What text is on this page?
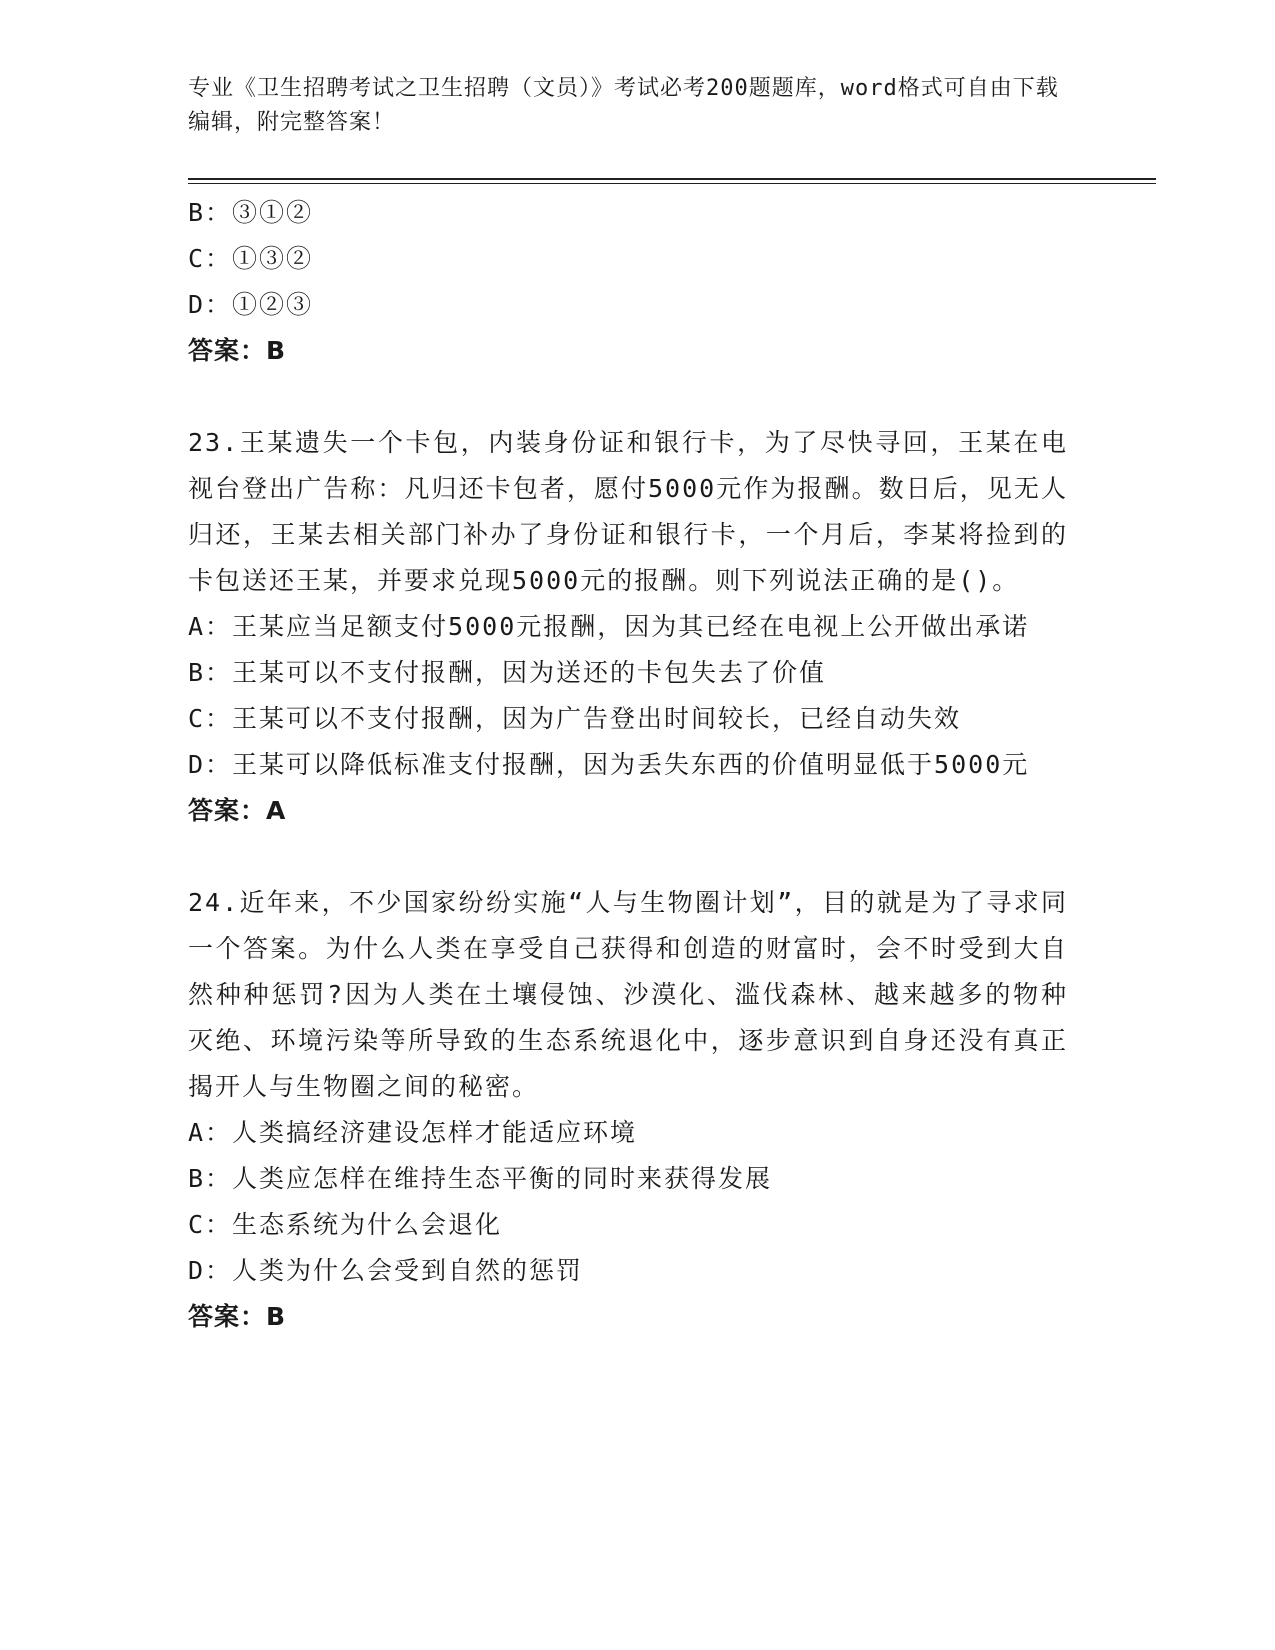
专业《卫生招聘考试之卫生招聘（文员）》考试必考200题题库，word格式可自由下载编辑，附完整答案！
B：③①②
C：①③②
D：①②③
答案：B
23.王某遗失一个卡包，内装身份证和银行卡，为了尽快寻回，王某在电视台登出广告称：凡归还卡包者，愿付5000元作为报酬。数日后，见无人归还，王某去相关部门补办了身份证和银行卡，一个月后，李某将捡到的卡包送还王某，并要求兑现5000元的报酬。则下列说法正确的是()。
A：王某应当足额支付5000元报酬，因为其已经在电视上公开做出承诺
B：王某可以不支付报酬，因为送还的卡包失去了价值
C：王某可以不支付报酬，因为广告登出时间较长，已经自动失效
D：王某可以降低标准支付报酬，因为丢失东西的价值明显低于5000元
答案：A
24.近年来，不少国家纷纷实施“人与生物圈计划”，目的就是为了寻求同一个答案。为什么人类在享受自己获得和创造的财富时，会不时受到大自然种种惩罚?因为人类在土壤侵蚀、沙漠化、滥伐森林、越来越多的物种灭绝、环境污染等所导致的生态系统退化中，逐步意识到自身还没有真正揭开人与生物圈之间的秘密。
A：人类搞经济建设怎样才能适应环境
B：人类应怎样在维持生态平衡的同时来获得发展
C：生态系统为什么会退化
D：人类为什么会受到自然的惩罚
答案：B
